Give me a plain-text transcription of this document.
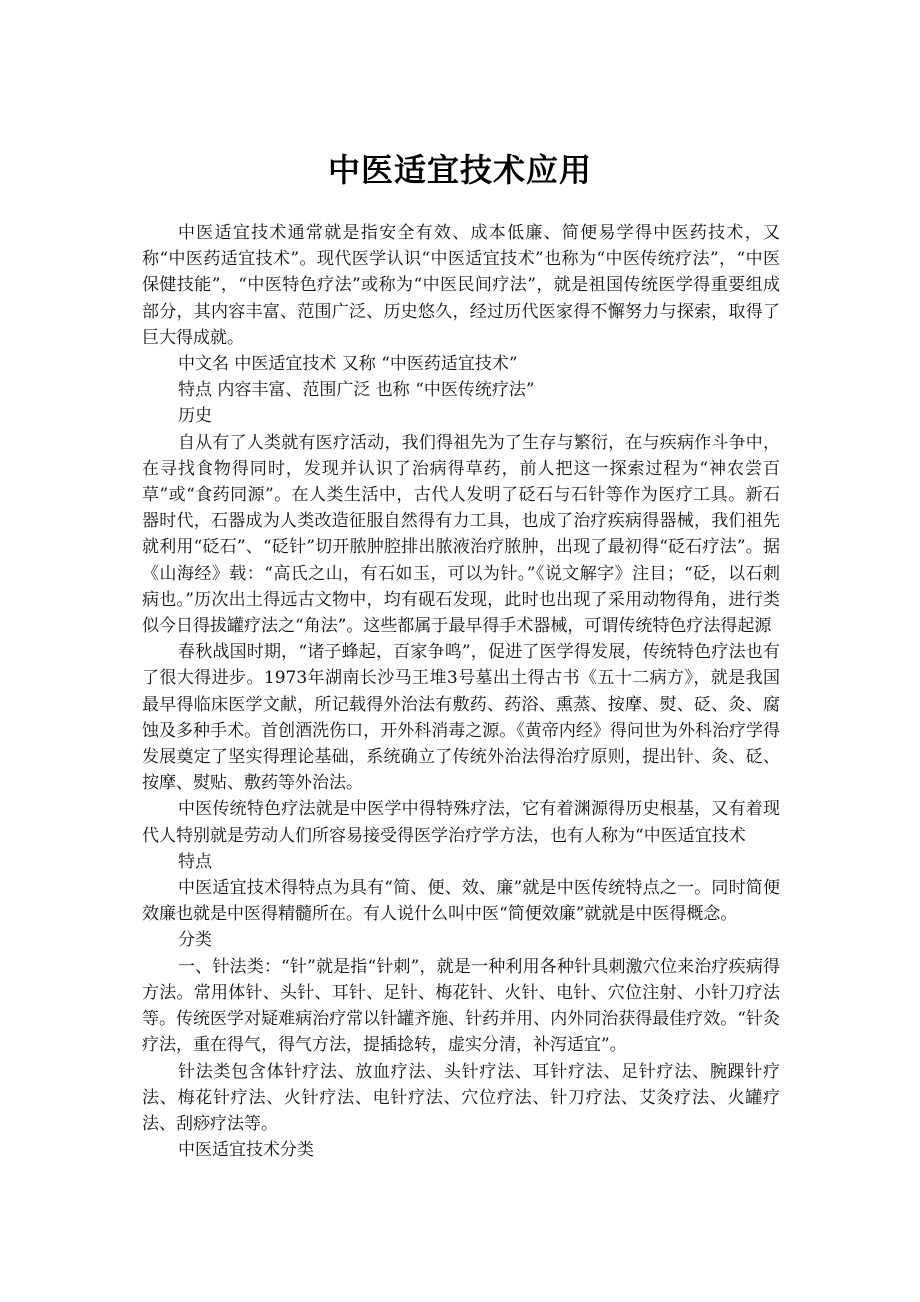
中医适宜技术应用

中医适宜技术通常就是指安全有效、成本低廉、简便易学得中医药技术，又称“中医药适宜技术”。现代医学认识“中医适宜技术”也称为“中医传统疗法”，“中医保健技能”，“中医特色疗法”或称为“中医民间疗法”，就是祖国传统医学得重要组成部分，其内容丰富、范围广泛、历史悠久，经过历代医家得不懈努力与探索，取得了巨大得成就。

中文名 中医适宜技术 又称 “中医药适宜技术”

特点 内容丰富、范围广泛 也称 “中医传统疗法”

历史

自从有了人类就有医疗活动，我们得祖先为了生存与繁衍，在与疾病作斗争中，在寻找食物得同时，发现并认识了治病得草药，前人把这一探索过程为“神农尝百草”或“食药同源”。在人类生活中，古代人发明了砭石与石针等作为医疗工具。新石器时代，石器成为人类改造征服自然得有力工具，也成了治疗疾病得器械，我们祖先就利用“砭石”、“砭针”切开脓肿腔排出脓液治疗脓肿，出现了最初得“砭石疗法”。据《山海经》载：“高氏之山，有石如玉，可以为针。”《说文解字》注目；“砭，以石刺病也。”历次出土得远古文物中，均有砚石发现，此时也出现了采用动物得角，进行类似今日得拔罐疗法之“角法”。这些都属于最早得手术器械，可谓传统特色疗法得起源

春秋战国时期，“诸子蜂起，百家争鸣”，促进了医学得发展，传统特色疗法也有了很大得进步。1973年湖南长沙马王堆3号墓出土得古书《五十二病方》，就是我国最早得临床医学文献，所记载得外治法有敷药、药浴、熏蒸、按摩、熨、砭、灸、腐蚀及多种手术。首创酒洗伤口，开外科消毒之源。《黄帝内经》得问世为外科治疗学得发展奠定了坚实得理论基础，系统确立了传统外治法得治疗原则，提出针、灸、砭、按摩、熨贴、敷药等外治法。

中医传统特色疗法就是中医学中得特殊疗法，它有着渊源得历史根基，又有着现代人特别就是劳动人们所容易接受得医学治疗学方法，也有人称为“中医适宜技术

特点

中医适宜技术得特点为具有“简、便、效、廉”就是中医传统特点之一。同时简便效廉也就是中医得精髓所在。有人说什么叫中医“简便效廉”就就是中医得概念。

分类

一、针法类：“针”就是指“针刺”，就是一种利用各种针具刺激穴位来治疗疾病得方法。常用体针、头针、耳针、足针、梅花针、火针、电针、穴位注射、小针刀疗法等。传统医学对疑难病治疗常以针罐齐施、针药并用、内外同治获得最佳疗效。“针灸疗法，重在得气，得气方法，提插捻转，虚实分清，补泻适宜”。

针法类包含体针疗法、放血疗法、头针疗法、耳针疗法、足针疗法、腕踝针疗法、梅花针疗法、火针疗法、电针疗法、穴位疗法、针刀疗法、艾灸疗法、火罐疗法、刮痧疗法等。

中医适宜技术分类
